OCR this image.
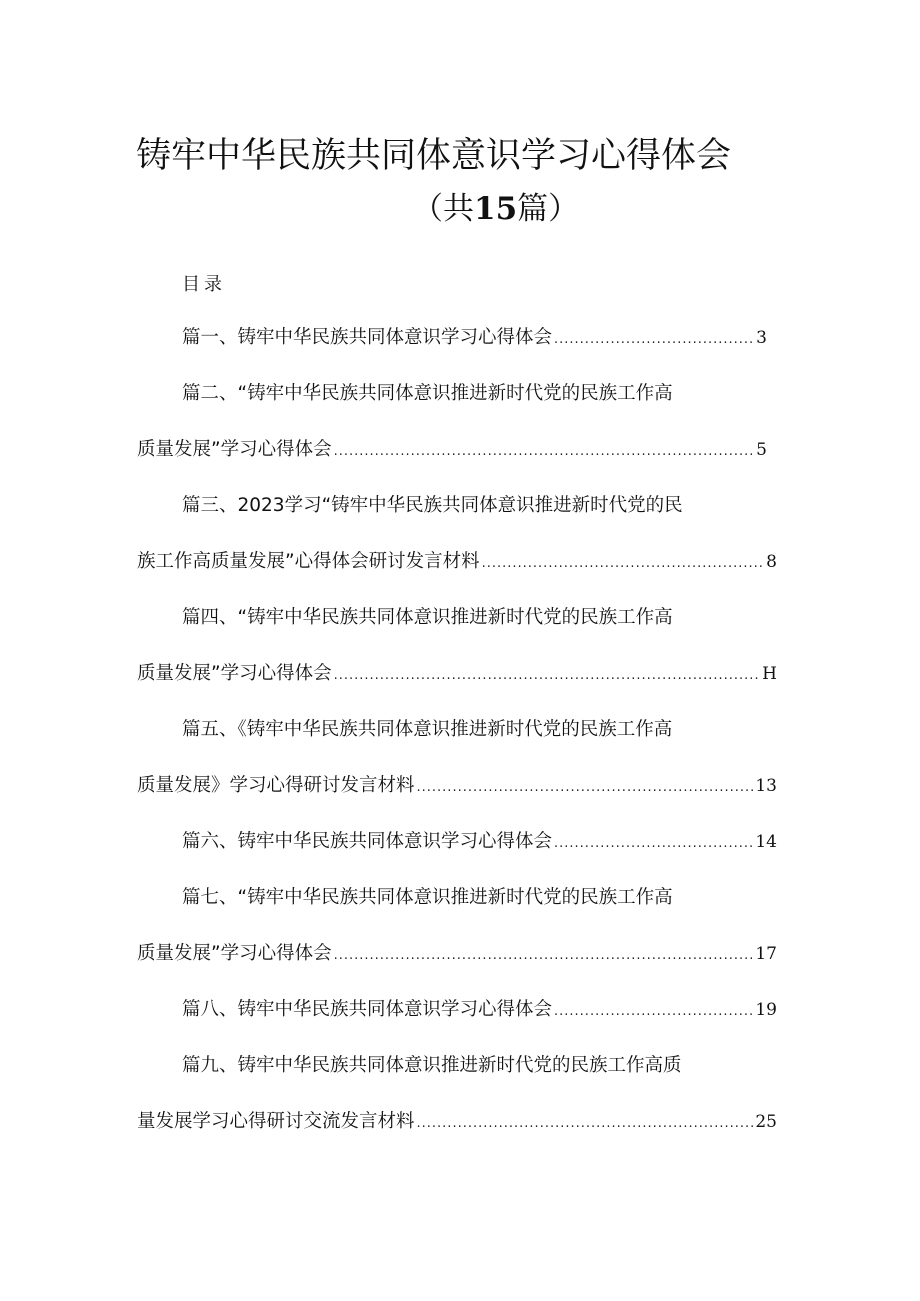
铸牢中华民族共同体意识学习心得体会
（共15篇）
目录
篇一、铸牢中华民族共同体意识学习心得体会 .....	3
篇二、“铸牢中华民族共同体意识推进新时代党的民族工作高
质量发展”学习心得体会 .....	5
篇三、2023学习“铸牢中华民族共同体意识推进新时代党的民
族工作高质量发展”心得体会研讨发言材料 .....	8
篇四、“铸牢中华民族共同体意识推进新时代党的民族工作高
质量发展”学习心得体会 .....	H
篇五、《铸牢中华民族共同体意识推进新时代党的民族工作高
质量发展》学习心得研讨发言材料 .....	13
篇六、铸牢中华民族共同体意识学习心得体会 .....	14
篇七、“铸牢中华民族共同体意识推进新时代党的民族工作高
质量发展”学习心得体会 .....	17
篇八、铸牢中华民族共同体意识学习心得体会 .....	19
篇九、铸牢中华民族共同体意识推进新时代党的民族工作高质
量发展学习心得研讨交流发言材料 .....	25
